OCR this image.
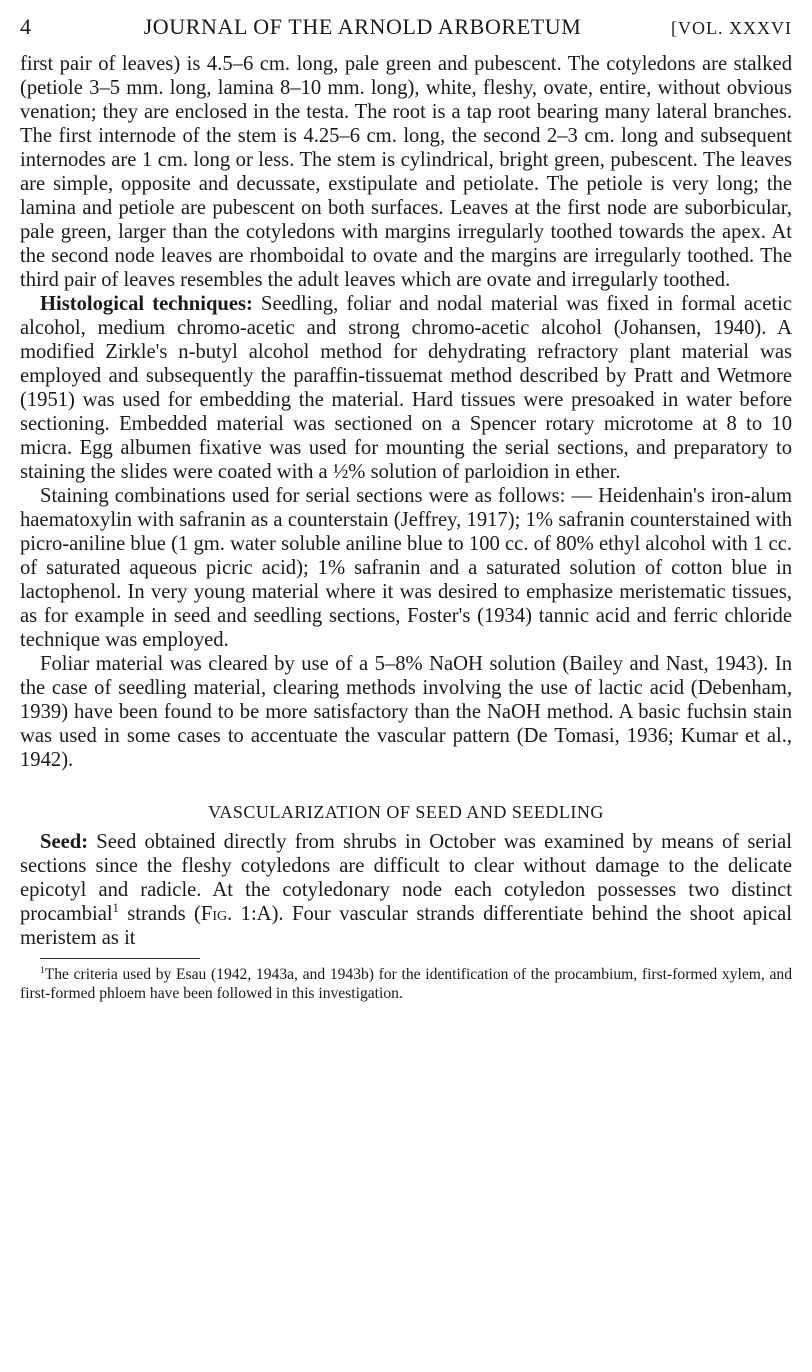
4	JOURNAL OF THE ARNOLD ARBORETUM	[VOL. XXXVI

first pair of leaves) is 4.5–6 cm. long, pale green and pubescent. The cotyledons are stalked (petiole 3–5 mm. long, lamina 8–10 mm. long), white, fleshy, ovate, entire, without obvious venation; they are enclosed in the testa. The root is a tap root bearing many lateral branches. The first internode of the stem is 4.25–6 cm. long, the second 2–3 cm. long and subsequent internodes are 1 cm. long or less. The stem is cylindrical, bright green, pubescent. The leaves are simple, opposite and decussate, exstipulate and petiolate. The petiole is very long; the lamina and petiole are pubescent on both surfaces. Leaves at the first node are suborbicular, pale green, larger than the cotyledons with margins irregularly toothed towards the apex. At the second node leaves are rhomboidal to ovate and the margins are irregularly toothed. The third pair of leaves resembles the adult leaves which are ovate and irregularly toothed.

Histological techniques: Seedling, foliar and nodal material was fixed in formal acetic alcohol, medium chromo-acetic and strong chromo-acetic alcohol (Johansen, 1940). A modified Zirkle's n-butyl alcohol method for dehydrating refractory plant material was employed and subsequently the paraffin-tissuemat method described by Pratt and Wetmore (1951) was used for embedding the material. Hard tissues were presoaked in water before sectioning. Embedded material was sectioned on a Spencer rotary microtome at 8 to 10 micra. Egg albumen fixative was used for mounting the serial sections, and preparatory to staining the slides were coated with a ½% solution of parloidion in ether.

Staining combinations used for serial sections were as follows: — Heidenhain's iron-alum haematoxylin with safranin as a counterstain (Jeffrey, 1917); 1% safranin counterstained with picro-aniline blue (1 gm. water soluble aniline blue to 100 cc. of 80% ethyl alcohol with 1 cc. of saturated aqueous picric acid); 1% safranin and a saturated solution of cotton blue in lactophenol. In very young material where it was desired to emphasize meristematic tissues, as for example in seed and seedling sections, Foster's (1934) tannic acid and ferric chloride technique was employed.

Foliar material was cleared by use of a 5–8% NaOH solution (Bailey and Nast, 1943). In the case of seedling material, clearing methods involving the use of lactic acid (Debenham, 1939) have been found to be more satisfactory than the NaOH method. A basic fuchsin stain was used in some cases to accentuate the vascular pattern (De Tomasi, 1936; Kumar et al., 1942).

VASCULARIZATION OF SEED AND SEEDLING

Seed: Seed obtained directly from shrubs in October was examined by means of serial sections since the fleshy cotyledons are difficult to clear without damage to the delicate epicotyl and radicle. At the cotyledonary node each cotyledon possesses two distinct procambial$^1$ strands (Fig. 1:A). Four vascular strands differentiate behind the shoot apical meristem as it

$^1$The criteria used by Esau (1942, 1943a, and 1943b) for the identification of the procambium, first-formed xylem, and first-formed phloem have been followed in this investigation.
